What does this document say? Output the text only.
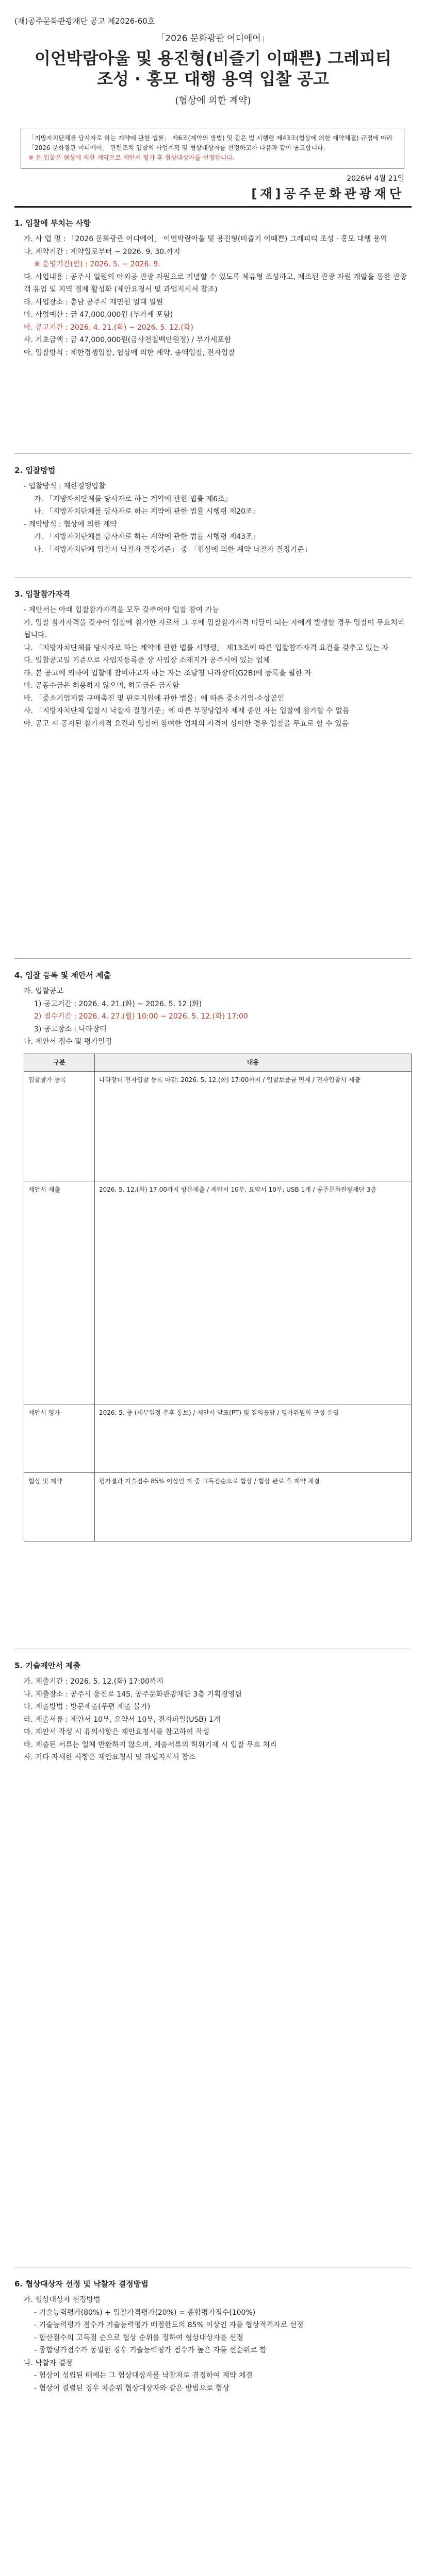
(재)공주문화관광재단 공고 제2026-60호
「2026 문화광관 어디에어」
이언박람아울 및 용진형(비즐기 이때쁜) 그레피티
조성 · 홍모 대행 용역 입찰 공고
(협상에 의한 계약)
「지방자치단체를 당사자로 하는 계약에 관한 법률」 제6조(계약의 방법) 및 같은 법 시행령 제43조(협상에 의한 계약체결) 규정에 따라 「2026 문화광관 어디에어」 관련조치 입찰의 사업계획 및 협상대상자를 선정하고자 다음과 같이 공고합니다.
※ 본 입찰은 협상에 의한 계약으로 제안서 평가 후 협상대상자를 선정합니다.
2026년 4월 21일
[재]공주문화관광재단
1. 입찰에 부치는 사항
가. 사 업 명 : 「2026 문화광관 어디에어」 이언박람아울 및 용진형(비즐기 이때쁜) 그레피티 조성 · 홍모 대행 용역
나. 계약기간 : 계약일로부터 ~ 2026. 9. 30.까지
※ 운영기간(안) : 2026. 5. ~ 2026. 9.
다. 사업내용 : 공주시 일원의 야외공 관광 자원으로 기념할 수 있도록 체류형 조성하고, 제조된 관광 자원 개발을 통한 관광객 유입 및 지역 경제 활성화 (제안요청서 및 과업지시서 참조)
라. 사업장소 : 충남 공주시 제민천 일대 일원
마. 사업예산 : 금 47,000,000원 (부가세 포함)
바. 공고기간 : 2026. 4. 21.(화) ~ 2026. 5. 12.(화)
사. 기초금액 : 금 47,000,000원(금사천칠백만원정) / 부가세포함
아. 입찰방식 : 제한경쟁입찰, 협상에 의한 계약, 총액입찰, 전자입찰
2. 입찰방법
- 입찰방식 : 제한경쟁입찰
가. 「지방자치단체를 당사자로 하는 계약에 관한 법률 제6조」
나. 「지방자치단체를 당사자로 하는 계약에 관한 법률 시행령 제20조」
- 계약방식 : 협상에 의한 계약
가. 「지방자치단체를 당사자로 하는 계약에 관한 법률 시행령 제43조」
나. 「지방자치단체 입찰시 낙찰자 결정기준」 중 「협상에 의한 계약 낙찰자 결정기준」
3. 입찰참가자격
- 제안서는 아래 입찰참가자격을 모두 갖추어야 입찰 참여 가능
가. 입찰 참가자격을 갖추어 입찰에 참가한 자로서 그 후에 입찰참가자격 미달이 되는 자에게 발생할 경우 입찰이 무효처리 됩니다.
나. 「지방자치단체를 당사자로 하는 계약에 관한 법률 시행령」 제13조에 따른 입찰참가자격 요건을 갖추고 있는 자
다. 입찰공고일 기준으로 사업자등록증 상 사업장 소재지가 공주시에 있는 업체
라. 본 공고에 의하여 입찰에 참여하고자 하는 자는 조달청 나라장터(G2B)에 등록을 필한 자
마. 공동수급은 허용하지 않으며, 하도급은 금지함
바. 「중소기업제품 구매촉진 및 판로지원에 관한 법률」에 따른 중소기업·소상공인
사. 「지방자치단체 입찰시 낙찰자 결정기준」에 따른 부정당업자 제재 중인 자는 입찰에 참가할 수 없음
아. 공고 시 공지된 참가자격 요건과 입찰에 참여한 업체의 자격이 상이한 경우 입찰을 무효로 할 수 있음
4. 입찰 등록 및 제안서 제출
가. 입찰공고
1) 공고기간 : 2026. 4. 21.(화) ~ 2026. 5. 12.(화)
2) 접수기간 : 2026. 4. 27.(월) 10:00 ~ 2026. 5. 12.(화) 17:00
3) 공고장소 : 나라장터
나. 제안서 접수 및 평가일정
구분	내용
입찰참가 등록	나라장터 전자입찰 등록 마감: 2026. 5. 12.(화) 17:00까지 / 입찰보증금 면제 / 전자입찰서 제출
제안서 제출	2026. 5. 12.(화) 17:00까지 방문제출 / 제안서 10부, 요약서 10부, USB 1개 / 공주문화관광재단 3층
제안서 평가	2026. 5. 중 (세부일정 추후 통보) / 제안서 발표(PT) 및 질의응답 / 평가위원회 구성 운영
협상 및 계약	평가결과 기술점수 85% 이상인 자 중 고득점순으로 협상 / 협상 완료 후 계약 체결
5. 기술제안서 제출
가. 제출기간 : 2026. 5. 12.(화) 17:00까지
나. 제출장소 : 공주시 웅진로 145, 공주문화관광재단 3층 기획경영팀
다. 제출방법 : 방문제출(우편 제출 불가)
라. 제출서류 : 제안서 10부, 요약서 10부, 전자파일(USB) 1개
마. 제안서 작성 시 유의사항은 제안요청서를 참고하여 작성
바. 제출된 서류는 일체 반환하지 않으며, 제출서류의 허위기재 시 입찰 무효 처리
사. 기타 자세한 사항은 제안요청서 및 과업지시서 참조
6. 협상대상자 선정 및 낙찰자 결정방법
가. 협상대상자 선정방법
- 기술능력평가(80%) + 입찰가격평가(20%) = 종합평가점수(100%)
- 기술능력평가 점수가 기술능력평가 배점한도의 85% 이상인 자를 협상적격자로 선정
- 합산점수의 고득점 순으로 협상 순위를 정하여 협상대상자를 선정
- 종합평가점수가 동일한 경우 기술능력평가 점수가 높은 자를 선순위로 함
나. 낙찰자 결정
- 협상이 성립된 때에는 그 협상대상자를 낙찰자로 결정하여 계약 체결
- 협상이 결렬된 경우 차순위 협상대상자와 같은 방법으로 협상
